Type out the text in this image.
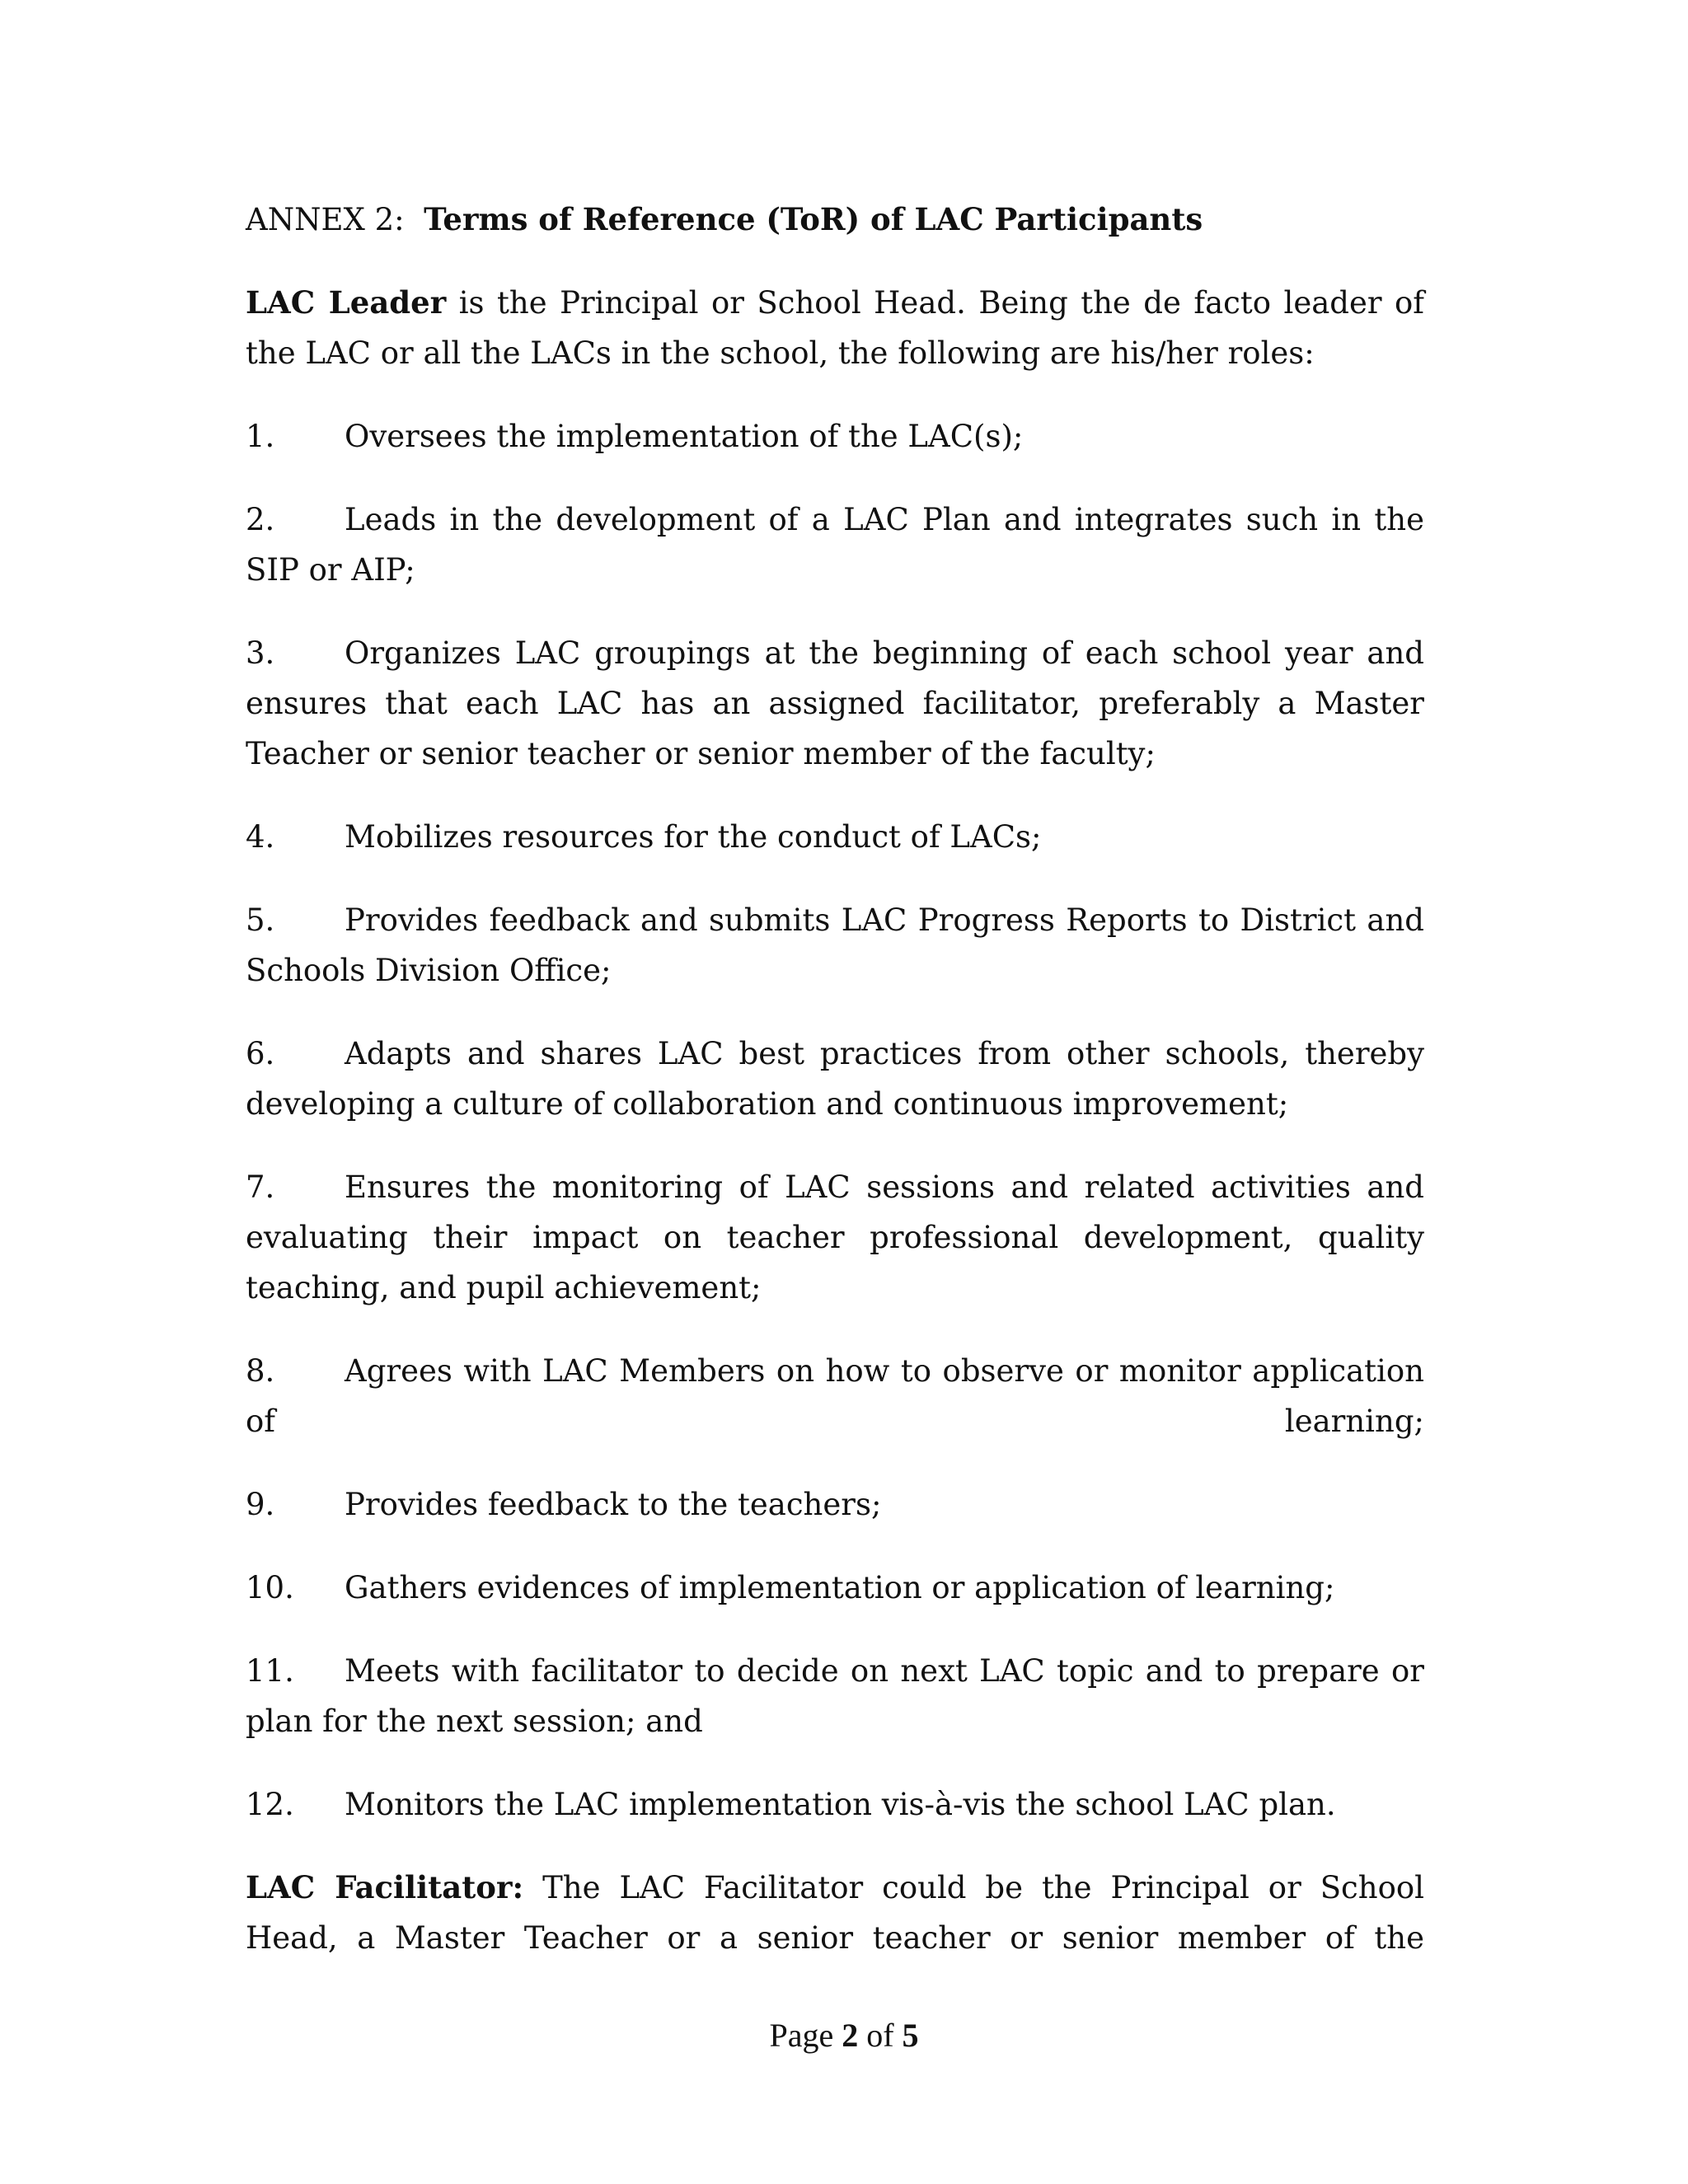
ANNEX 2: Terms of Reference (ToR) of LAC Participants

LAC Leader is the Principal or School Head. Being the de facto leader of the LAC or all the LACs in the school, the following are his/her roles:

1. Oversees the implementation of the LAC(s);

2. Leads in the development of a LAC Plan and integrates such in the SIP or AIP;

3. Organizes LAC groupings at the beginning of each school year and ensures that each LAC has an assigned facilitator, preferably a Master Teacher or senior teacher or senior member of the faculty;

4. Mobilizes resources for the conduct of LACs;

5. Provides feedback and submits LAC Progress Reports to District and Schools Division Office;

6. Adapts and shares LAC best practices from other schools, thereby developing a culture of collaboration and continuous improvement;

7. Ensures the monitoring of LAC sessions and related activities and evaluating their impact on teacher professional development, quality teaching, and pupil achievement;

8. Agrees with LAC Members on how to observe or monitor application of learning;

9. Provides feedback to the teachers;

10. Gathers evidences of implementation or application of learning;

11. Meets with facilitator to decide on next LAC topic and to prepare or plan for the next session; and

12. Monitors the LAC implementation vis-à-vis the school LAC plan.

LAC Facilitator: The LAC Facilitator could be the Principal or School Head, a Master Teacher or a senior teacher or senior member of the

Page 2 of 5
